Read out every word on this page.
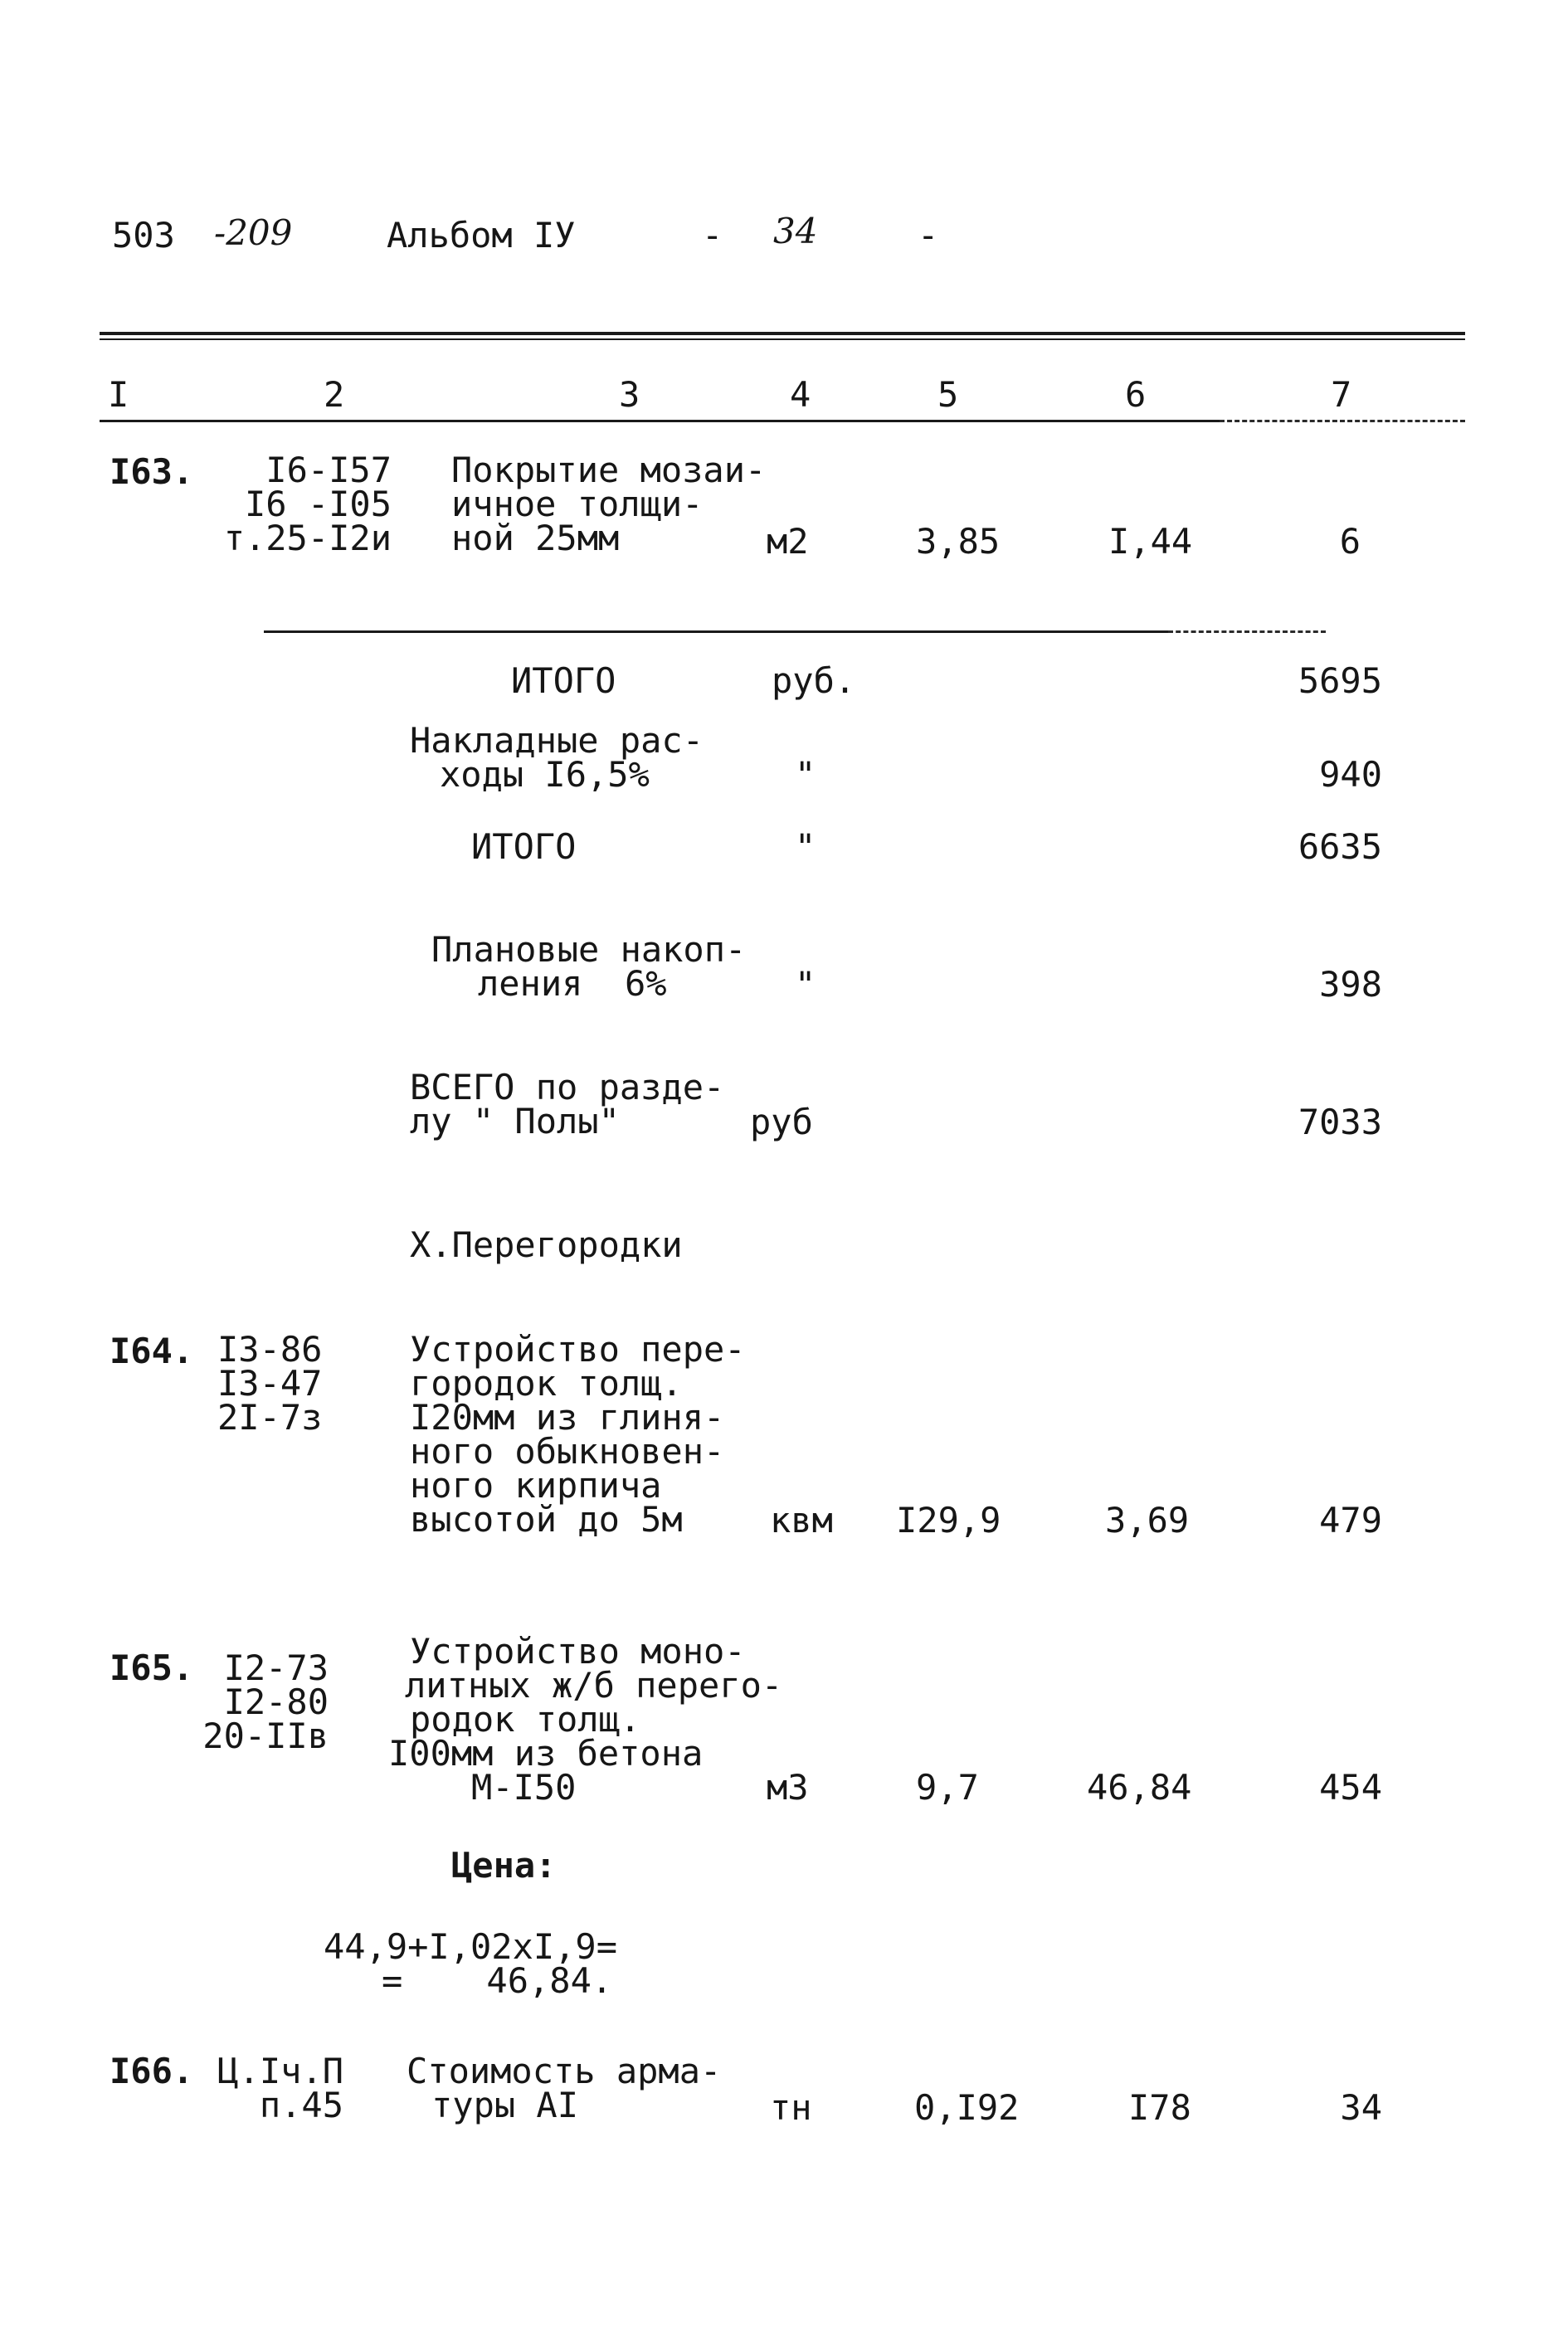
503 -209	Альбом IУ	- 34	-
I	2	3	4	5	6	7
I63.	I6-I57
I6 -I05
т.25-I2и
Покрытие мозаи-
ичное толщи-
ной 25мм	м2	3,85	I,44	6
ИТОГО	руб.	5695
Накладные рас-
ходы I6,5%	"	940
ИТОГО	"	6635
Плановые накоп-
ления  6%	"	398
ВСЕГО по разде-
лу " Полы"	руб	7033
Х.Перегородки
I64. I3-86
I3-47
2I-7з
Устройство пере-
городок толщ.
I20мм из глиня-
ного обыкновен-
ного кирпича
высотой до 5м	квм I29,9	3,69	479
I65. I2-73
I2-80
20-IIв
Устройство моно-
литных ж/б перего-
родок толщ.
I00мм из бетона
М-I50	м3	9,7	46,84	454
Цена:
44,9+I,02хI,9=
=    46,84.
I66. Ц.Iч.П
п.45
Стоимость арма-
туры АI	тн	0,I92	I78	34
